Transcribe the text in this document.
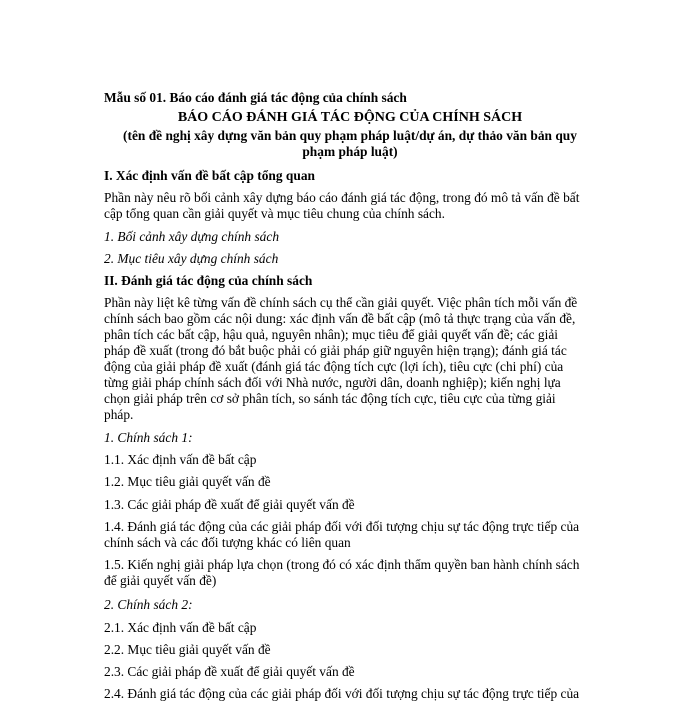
Mẫu số 01. Báo cáo đánh giá tác động của chính sách

BÁO CÁO ĐÁNH GIÁ TÁC ĐỘNG CỦA CHÍNH SÁCH

(tên đề nghị xây dựng văn bản quy phạm pháp luật/dự án, dự thảo văn bản quy

phạm pháp luật)

I. Xác định vấn đề bất cập tổng quan

Phần này nêu rõ bối cảnh xây dựng báo cáo đánh giá tác động, trong đó mô tả vấn đề bất

cập tổng quan cần giải quyết và mục tiêu chung của chính sách.

1. Bối cảnh xây dựng chính sách

2. Mục tiêu xây dựng chính sách

II. Đánh giá tác động của chính sách

Phần này liệt kê từng vấn đề chính sách cụ thể cần giải quyết. Việc phân tích mỗi vấn đề

chính sách bao gồm các nội dung: xác định vấn đề bất cập (mô tả thực trạng của vấn đề,

phân tích các bất cập, hậu quả, nguyên nhân); mục tiêu để giải quyết vấn đề; các giải

pháp đề xuất (trong đó bắt buộc phải có giải pháp giữ nguyên hiện trạng); đánh giá tác

động của giải pháp đề xuất (đánh giá tác động tích cực (lợi ích), tiêu cực (chi phí) của

từng giải pháp chính sách đối với Nhà nước, người dân, doanh nghiệp); kiến nghị lựa

chọn giải pháp trên cơ sở phân tích, so sánh tác động tích cực, tiêu cực của từng giải

pháp.

1. Chính sách 1:

1.1. Xác định vấn đề bất cập

1.2. Mục tiêu giải quyết vấn đề

1.3. Các giải pháp đề xuất để giải quyết vấn đề

1.4. Đánh giá tác động của các giải pháp đối với đối tượng chịu sự tác động trực tiếp của

chính sách và các đối tượng khác có liên quan

1.5. Kiến nghị giải pháp lựa chọn (trong đó có xác định thẩm quyền ban hành chính sách

để giải quyết vấn đề)

2. Chính sách 2:

2.1. Xác định vấn đề bất cập

2.2. Mục tiêu giải quyết vấn đề

2.3. Các giải pháp đề xuất để giải quyết vấn đề

2.4. Đánh giá tác động của các giải pháp đối với đối tượng chịu sự tác động trực tiếp của
